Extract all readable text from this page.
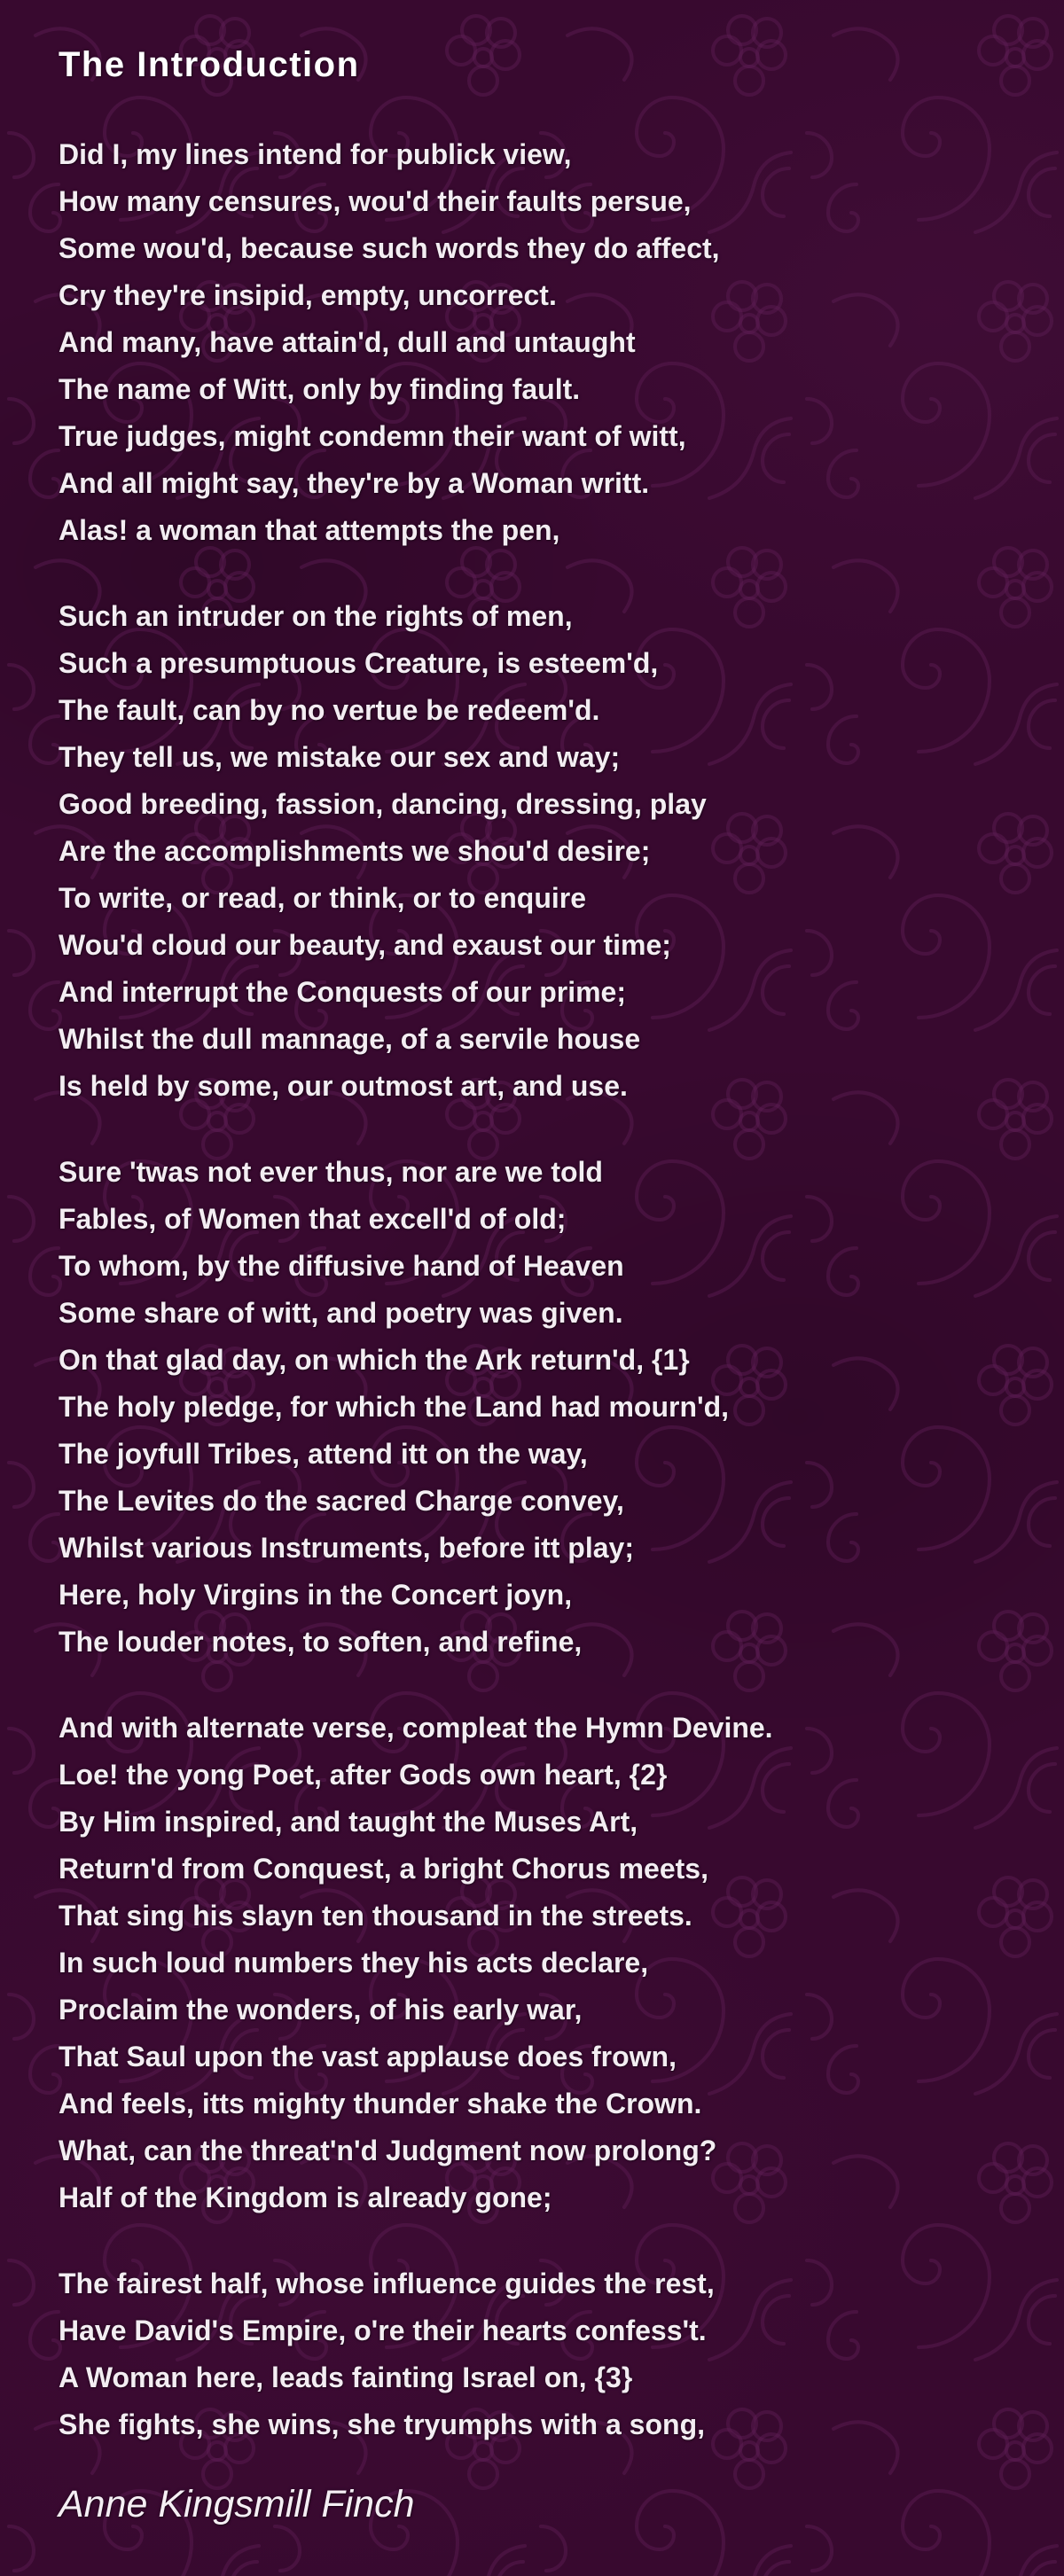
The Introduction
Did I, my lines intend for publick view,
How many censures, wou'd their faults persue,
Some wou'd, because such words they do affect,
Cry they're insipid, empty, uncorrect.
And many, have attain'd, dull and untaught
The name of Witt, only by finding fault.
True judges, might condemn their want of witt,
And all might say, they're by a Woman writt.
Alas! a woman that attempts the pen,
Such an intruder on the rights of men,
Such a presumptuous Creature, is esteem'd,
The fault, can by no vertue be redeem'd.
They tell us, we mistake our sex and way;
Good breeding, fassion, dancing, dressing, play
Are the accomplishments we shou'd desire;
To write, or read, or think, or to enquire
Wou'd cloud our beauty, and exaust our time;
And interrupt the Conquests of our prime;
Whilst the dull mannage, of a servile house
Is held by some, our outmost art, and use.
Sure 'twas not ever thus, nor are we told
Fables, of Women that excell'd of old;
To whom, by the diffusive hand of Heaven
Some share of witt, and poetry was given.
On that glad day, on which the Ark return'd, {1}
The holy pledge, for which the Land had mourn'd,
The joyfull Tribes, attend itt on the way,
The Levites do the sacred Charge convey,
Whilst various Instruments, before itt play;
Here, holy Virgins in the Concert joyn,
The louder notes, to soften, and refine,
And with alternate verse, compleat the Hymn Devine.
Loe! the yong Poet, after Gods own heart, {2}
By Him inspired, and taught the Muses Art,
Return'd from Conquest, a bright Chorus meets,
That sing his slayn ten thousand in the streets.
In such loud numbers they his acts declare,
Proclaim the wonders, of his early war,
That Saul upon the vast applause does frown,
And feels, itts mighty thunder shake the Crown.
What, can the threat'n'd Judgment now prolong?
Half of the Kingdom is already gone;
The fairest half, whose influence guides the rest,
Have David's Empire, o're their hearts confess't.
A Woman here, leads fainting Israel on, {3}
She fights, she wins, she tryumphs with a song,
Anne Kingsmill Finch
